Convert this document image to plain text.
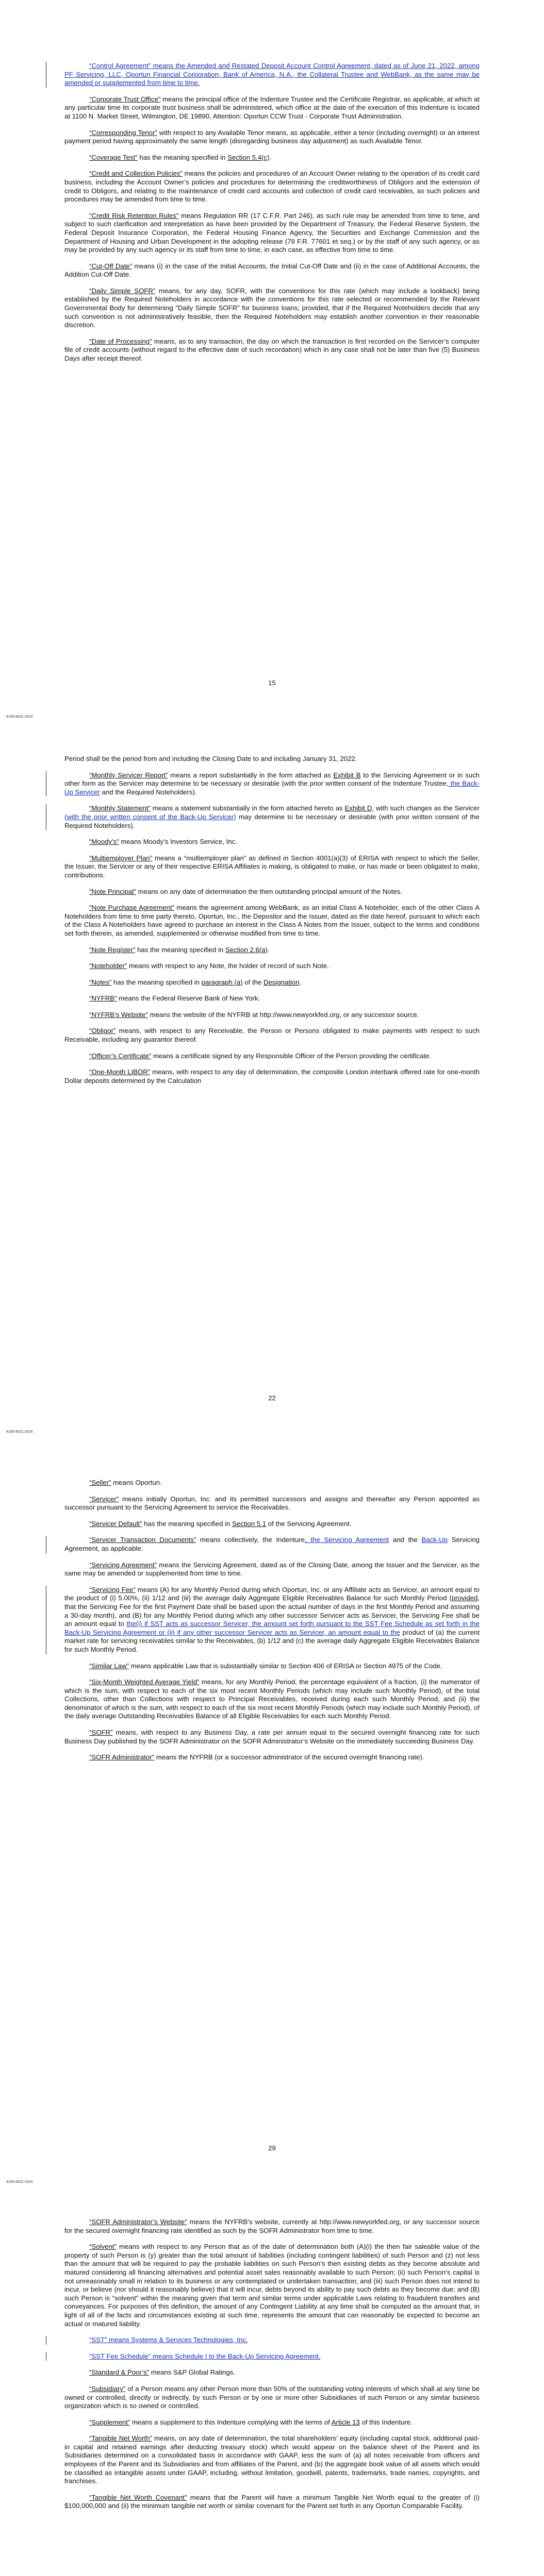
“Control Agreement” means the Amended and Restated Deposit Account Control Agreement, dated as of June 21, 2022, among PF Servicing, LLC, Oportun Financial Corporation, Bank of America, N.A., the Collateral Trustee and WebBank, as the same may be amended or supplemented from time to time.

“Corporate Trust Office” means the principal office of the Indenture Trustee and the Certificate Registrar, as applicable, at which at any particular time its corporate trust business shall be administered, which office at the date of the execution of this Indenture is located at 1100 N. Market Street, Wilmington, DE 19890, Attention: Oportun CCW Trust - Corporate Trust Administration.

“Corresponding Tenor” with respect to any Available Tenor means, as applicable, either a tenor (including overnight) or an interest payment period having approximately the same length (disregarding business day adjustment) as such Available Tenor.

“Coverage Test” has the meaning specified in Section 5.4(c).

“Credit and Collection Policies” means the policies and procedures of an Account Owner relating to the operation of its credit card business, including the Account Owner’s policies and procedures for determining the creditworthiness of Obligors and the extension of credit to Obligors, and relating to the maintenance of credit card accounts and collection of credit card receivables, as such policies and procedures may be amended from time to time.

“Credit Risk Retention Rules” means Regulation RR (17 C.F.R. Part 246), as such rule may be amended from time to time, and subject to such clarification and interpretation as have been provided by the Department of Treasury, the Federal Reserve System, the Federal Deposit Insurance Corporation, the Federal Housing Finance Agency, the Securities and Exchange Commission and the Department of Housing and Urban Development in the adopting release (79 F.R. 77601 et seq.) or by the staff of any such agency, or as may be provided by any such agency or its staff from time to time, in each case, as effective from time to time.

“Cut-Off Date” means (i) in the case of the Initial Accounts, the Initial Cut-Off Date and (ii) in the case of Additional Accounts, the Addition Cut-Off Date.

“Daily Simple SOFR” means, for any day, SOFR, with the conventions for this rate (which may include a lookback) being established by the Required Noteholders in accordance with the conventions for this rate selected or recommended by the Relevant Governmental Body for determining “Daily Simple SOFR” for business loans; provided, that if the Required Noteholders decide that any such convention is not administratively feasible, then the Required Noteholders may establish another convention in their reasonable discretion.

“Date of Processing” means, as to any transaction, the day on which the transaction is first recorded on the Servicer’s computer file of credit accounts (without regard to the effective date of such recordation) which in any case shall not be later than five (5) Business Days after receipt thereof.

15
4165-8021-2024

Period shall be the period from and including the Closing Date to and including January 31, 2022.

“Monthly Servicer Report” means a report substantially in the form attached as Exhibit B to the Servicing Agreement or in such other form as the Servicer may determine to be necessary or desirable (with the prior written consent of the Indenture Trustee, the Back-Up Servicer and the Required Noteholders).

“Monthly Statement” means a statement substantially in the form attached hereto as Exhibit D, with such changes as the Servicer (with the prior written consent of the Back-Up Servicer) may determine to be necessary or desirable (with prior written consent of the Required Noteholders).

“Moody’s” means Moody’s Investors Service, Inc.

“Multiemployer Plan” means a “multiemployer plan” as defined in Section 4001(a)(3) of ERISA with respect to which the Seller, the Issuer, the Servicer or any of their respective ERISA Affiliates is making, is obligated to make, or has made or been obligated to make, contributions.

“Note Principal” means on any date of determination the then outstanding principal amount of the Notes.

“Note Purchase Agreement” means the agreement among WebBank, as an initial Class A Noteholder, each of the other Class A Noteholders from time to time party thereto, Oportun, Inc., the Depositor and the Issuer, dated as the date hereof, pursuant to which each of the Class A Noteholders have agreed to purchase an interest in the Class A Notes from the Issuer, subject to the terms and conditions set forth therein, as amended, supplemented or otherwise modified from time to time.

“Note Register” has the meaning specified in Section 2.6(a).

“Noteholder” means with respect to any Note, the holder of record of such Note.

“Notes” has the meaning specified in paragraph (a) of the Designation.

“NYFRB” means the Federal Reserve Bank of New York.

“NYFRB’s Website” means the website of the NYFRB at http://www.newyorkfed.org, or any successor source.

“Obligor” means, with respect to any Receivable, the Person or Persons obligated to make payments with respect to such Receivable, including any guarantor thereof.

“Officer’s Certificate” means a certificate signed by any Responsible Officer of the Person providing the certificate.

“One-Month LIBOR” means, with respect to any day of determination, the composite London interbank offered rate for one-month Dollar deposits determined by the Calculation

22
4165-8021-2024

“Seller” means Oportun.

“Servicer” means initially Oportun, Inc. and its permitted successors and assigns and thereafter any Person appointed as successor pursuant to the Servicing Agreement to service the Receivables.

“Servicer Default” has the meaning specified in Section 5.1 of the Servicing Agreement.

“Servicer Transaction Documents” means collectively, the Indenture, the Servicing Agreement and the Back-Up Servicing Agreement, as applicable.

“Servicing Agreement” means the Servicing Agreement, dated as of the Closing Date, among the Issuer and the Servicer, as the same may be amended or supplemented from time to time.

“Servicing Fee” means (A) for any Monthly Period during which Oportun, Inc. or any Affiliate acts as Servicer, an amount equal to the product of (i) 5.00%, (ii) 1/12 and (iii) the average daily Aggregate Eligible Receivables Balance for such Monthly Period (provided, that the Servicing Fee for the first Payment Date shall be based upon the actual number of days in the first Monthly Period and assuming a 30-day month), and (B) for any Monthly Period during which any other successor Servicer acts as Servicer, the Servicing Fee shall be an amount equal to the(i) if SST acts as successor Servicer, the amount set forth pursuant to the SST Fee Schedule as set forth in the Back-Up Servicing Agreement or (ii) if any other successor Servicer acts as Servicer, an amount equal to the product of (a) the current market rate for servicing receivables similar to the Receivables, (b) 1/12 and (c) the average daily Aggregate Eligible Receivables Balance for such Monthly Period.

“Similar Law” means applicable Law that is substantially similar to Section 406 of ERISA or Section 4975 of the Code.

“Six-Month Weighted Average Yield” means, for any Monthly Period, the percentage equivalent of a fraction, (i) the numerator of which is the sum, with respect to each of the six most recent Monthly Periods (which may include such Monthly Period), of the total Collections, other than Collections with respect to Principal Receivables, received during each such Monthly Period, and (ii) the denominator of which is the sum, with respect to each of the six most recent Monthly Periods (which may include such Monthly Period), of the daily average Outstanding Receivables Balance of all Eligible Receivables for each such Monthly Period.

“SOFR” means, with respect to any Business Day, a rate per annum equal to the secured overnight financing rate for such Business Day published by the SOFR Administrator on the SOFR Administrator’s Website on the immediately succeeding Business Day.

“SOFR Administrator” means the NYFRB (or a successor administrator of the secured overnight financing rate).

29
4165-8021-2024

“SOFR Administrator’s Website” means the NYFRB’s website, currently at http://www.newyorkfed.org, or any successor source for the secured overnight financing rate identified as such by the SOFR Administrator from time to time.

“Solvent” means with respect to any Person that as of the date of determination both (A)(i) the then fair saleable value of the property of such Person is (y) greater than the total amount of liabilities (including contingent liabilities) of such Person and (z) not less than the amount that will be required to pay the probable liabilities on such Person’s then existing debts as they become absolute and matured considering all financing alternatives and potential asset sales reasonably available to such Person; (ii) such Person’s capital is not unreasonably small in relation to its business or any contemplated or undertaken transaction; and (iii) such Person does not intend to incur, or believe (nor should it reasonably believe) that it will incur, debts beyond its ability to pay such debts as they become due; and (B) such Person is “solvent” within the meaning given that term and similar terms under applicable Laws relating to fraudulent transfers and conveyances. For purposes of this definition, the amount of any Contingent Liability at any time shall be computed as the amount that, in light of all of the facts and circumstances existing at such time, represents the amount that can reasonably be expected to become an actual or matured liability.

“SST” means Systems & Services Technologies, Inc.

“SST Fee Schedule” means Schedule I to the Back-Up Servicing Agreement.

“Standard & Poor’s” means S&P Global Ratings.

“Subsidiary” of a Person means any other Person more than 50% of the outstanding voting interests of which shall at any time be owned or controlled, directly or indirectly, by such Person or by one or more other Subsidiaries of such Person or any similar business organization which is so owned or controlled.

“Supplement” means a supplement to this Indenture complying with the terms of Article 13 of this Indenture.

“Tangible Net Worth” means, on any date of determination, the total shareholders’ equity (including capital stock, additional paid-in capital and retained earnings after deducting treasury stock) which would appear on the balance sheet of the Parent and its Subsidiaries determined on a consolidated basis in accordance with GAAP, less the sum of (a) all notes receivable from officers and employees of the Parent and its Subsidiaries and from affiliates of the Parent, and (b) the aggregate book value of all assets which would be classified as intangible assets under GAAP, including, without limitation, goodwill, patents, trademarks, trade names, copyrights, and franchises.

“Tangible Net Worth Covenant” means that the Parent will have a minimum Tangible Net Worth equal to the greater of (i) $100,000,000 and (ii) the minimum tangible net worth or similar covenant for the Parent set forth in any Oportun Comparable Facility.
